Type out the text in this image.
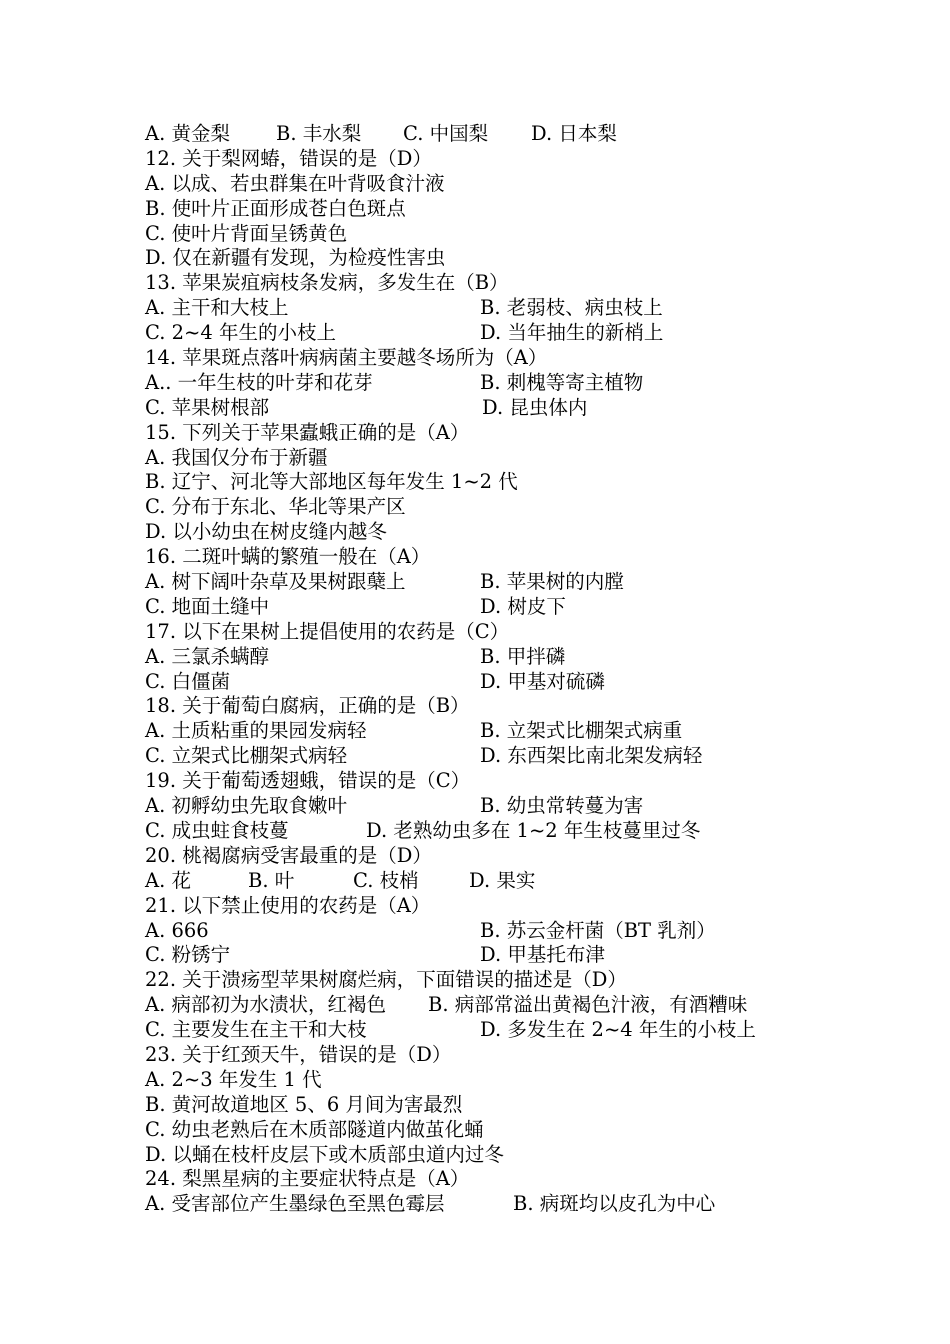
A. 黄金梨 B. 丰水梨 C. 中国梨 D. 日本梨
12. 关于梨网蝽，错误的是（D）
A. 以成、若虫群集在叶背吸食汁液
B. 使叶片正面形成苍白色斑点
C. 使叶片背面呈锈黄色
D. 仅在新疆有发现，为检疫性害虫
13. 苹果炭疽病枝条发病，多发生在（B）
A. 主干和大枝上	B. 老弱枝、病虫枝上
C. 2~4 年生的小枝上	D. 当年抽生的新梢上
14. 苹果斑点落叶病病菌主要越冬场所为（A）
A.. 一年生枝的叶芽和花芽	B. 刺槐等寄主植物
C. 苹果树根部	D. 昆虫体内
15. 下列关于苹果蠹蛾正确的是（A）
A. 我国仅分布于新疆
B. 辽宁、河北等大部地区每年发生 1~2 代
C. 分布于东北、华北等果产区
D. 以小幼虫在树皮缝内越冬
16. 二斑叶螨的繁殖一般在（A）
A. 树下阔叶杂草及果树跟蘖上	B. 苹果树的内膛
C. 地面土缝中	D. 树皮下
17. 以下在果树上提倡使用的农药是（C）
A. 三氯杀螨醇	B. 甲拌磷
C. 白僵菌	D. 甲基对硫磷
18. 关于葡萄白腐病，正确的是（B）
A. 土质粘重的果园发病轻	B. 立架式比棚架式病重
C. 立架式比棚架式病轻	D. 东西架比南北架发病轻
19. 关于葡萄透翅蛾，错误的是（C）
A. 初孵幼虫先取食嫩叶	B. 幼虫常转蔓为害
C. 成虫蛀食枝蔓	D. 老熟幼虫多在 1~2 年生枝蔓里过冬
20. 桃褐腐病受害最重的是（D）
A. 花	B. 叶	C. 枝梢	D. 果实
21. 以下禁止使用的农药是（A）
A. 666	B. 苏云金杆菌（BT 乳剂）
C. 粉锈宁	D. 甲基托布津
22. 关于溃疡型苹果树腐烂病，下面错误的描述是（D）
A. 病部初为水渍状，红褐色 B. 病部常溢出黄褐色汁液，有酒糟味
C. 主要发生在主干和大枝	D. 多发生在 2~4 年生的小枝上
23. 关于红颈天牛，错误的是（D）
A. 2~3 年发生 1 代
B. 黄河故道地区 5、6 月间为害最烈
C. 幼虫老熟后在木质部隧道内做茧化蛹
D. 以蛹在枝杆皮层下或木质部虫道内过冬
24. 梨黑星病的主要症状特点是（A）
A. 受害部位产生墨绿色至黑色霉层	B. 病斑均以皮孔为中心
